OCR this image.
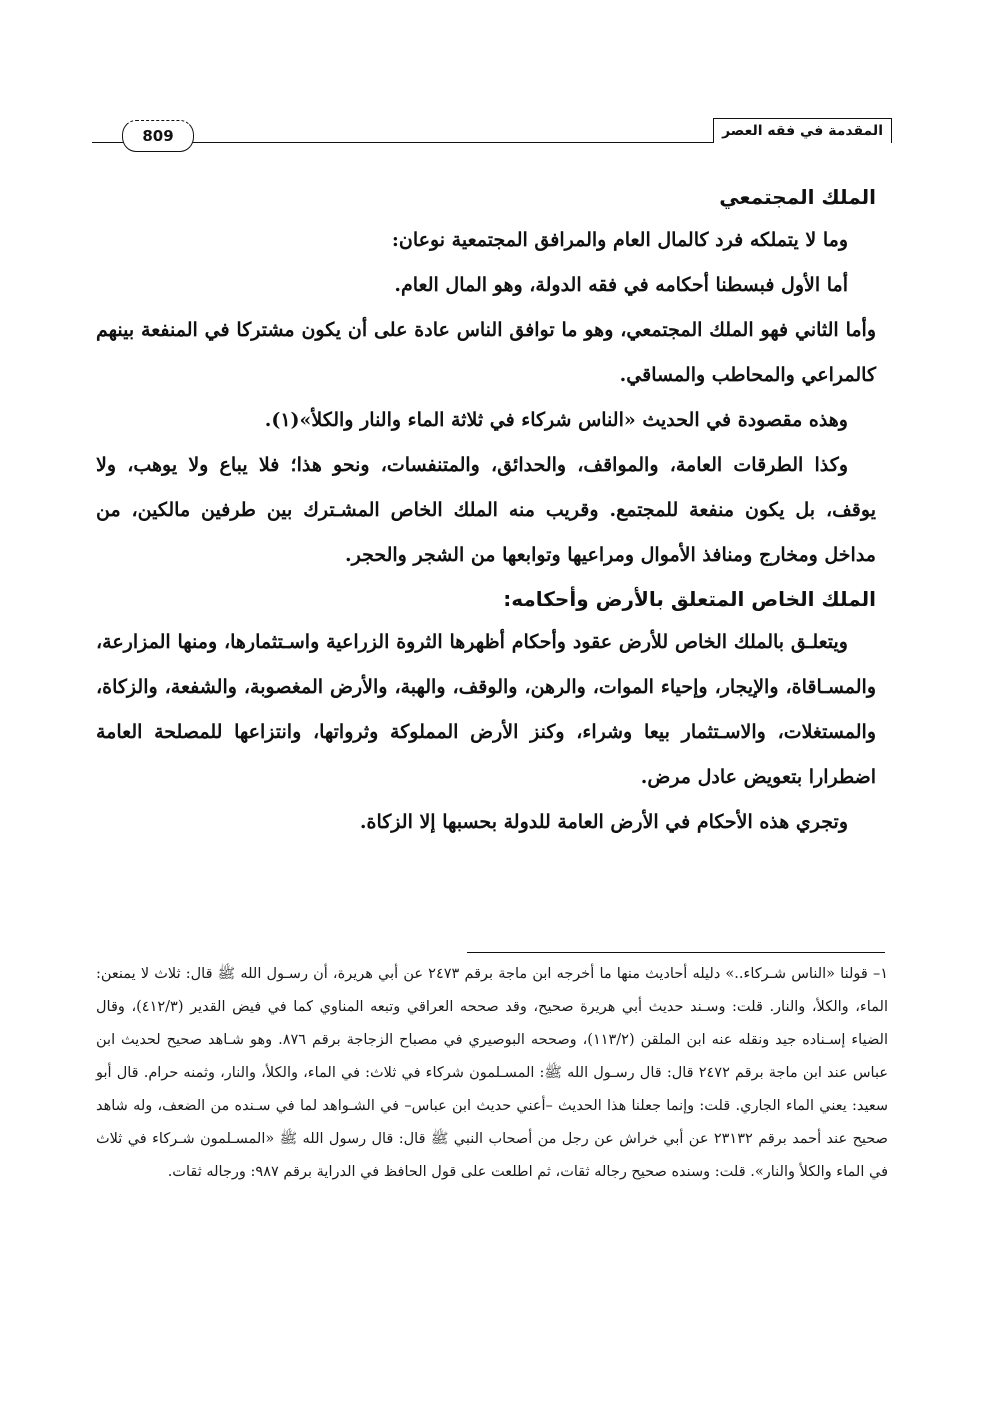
809	المقدمة في فقه العصر

الملك المجتمعي

وما لا يتملكه فرد كالمال العام والمرافق المجتمعية نوعان:

أما الأول فبسطنا أحكامه في فقه الدولة، وهو المال العام.

وأما الثاني فهو الملك المجتمعي، وهو ما توافق الناس عادة على أن يكون مشتركا في المنفعة بينهم كالمراعي والمحاطب والمساقي.

وهذه مقصودة في الحديث «الناس شركاء في ثلاثة الماء والنار والكلأ»(١).

وكذا الطرقات العامة، والمواقف، والحدائق، والمتنفسات، ونحو هذا؛ فلا يباع ولا يوهب، ولا يوقف، بل يكون منفعة للمجتمع. وقريب منه الملك الخاص المشـترك بين طرفين مالكين، من مداخل ومخارج ومنافذ الأموال ومراعيها وتوابعها من الشجر والحجر.

الملك الخاص المتعلق بالأرض وأحكامه:

ويتعلـق بالملك الخاص للأرض عقود وأحكام أظهرها الثروة الزراعية واسـتثمارها، ومنها المزارعة، والمسـاقاة، والإيجار، وإحياء الموات، والرهن، والوقف، والهبة، والأرض المغصوبة، والشفعة، والزكاة، والمستغلات، والاسـتثمار بيعا وشراء، وكنز الأرض المملوكة وثرواتها، وانتزاعها للمصلحة العامة اضطرارا بتعويض عادل مرض.

وتجري هذه الأحكام في الأرض العامة للدولة بحسبها إلا الزكاة.

١– قولنا «الناس شـركاء..» دليله أحاديث منها ما أخرجه ابن ماجة برقم ٢٤٧٣ عن أبي هريرة، أن رسـول الله ﷺ قال: ثلاث لا يمنعن: الماء، والكلأ، والنار. قلت: وسـند حديث أبي هريرة صحيح، وقد صححه العراقي وتبعه المناوي كما في فيض القدير (٤١٢/٣)، وقال الضياء إسـناده جيد ونقله عنه ابن الملقن (١١٣/٢)، وصححه البوصيري في مصباح الزجاجة برقم ٨٧٦. وهو شـاهد صحيح لحديث ابن عباس عند ابن ماجة برقم ٢٤٧٢ قال: قال رسـول الله ﷺ: المسـلمون شركاء في ثلاث: في الماء، والكلأ، والنار، وثمنه حرام. قال أبو سعيد: يعني الماء الجاري. قلت: وإنما جعلنا هذا الحديث –أعني حديث ابن عباس– في الشـواهد لما في سـنده من الضعف، وله شاهد صحيح عند أحمد برقم ٢٣١٣٢ عن أبي خراش عن رجل من أصحاب النبي ﷺ قال: قال رسول الله ﷺ «المسـلمون شـركاء في ثلاث في الماء والكلأ والنار». قلت: وسنده صحيح رجاله ثقات، ثم اطلعت على قول الحافظ في الدراية برقم ٩٨٧: ورجاله ثقات.
